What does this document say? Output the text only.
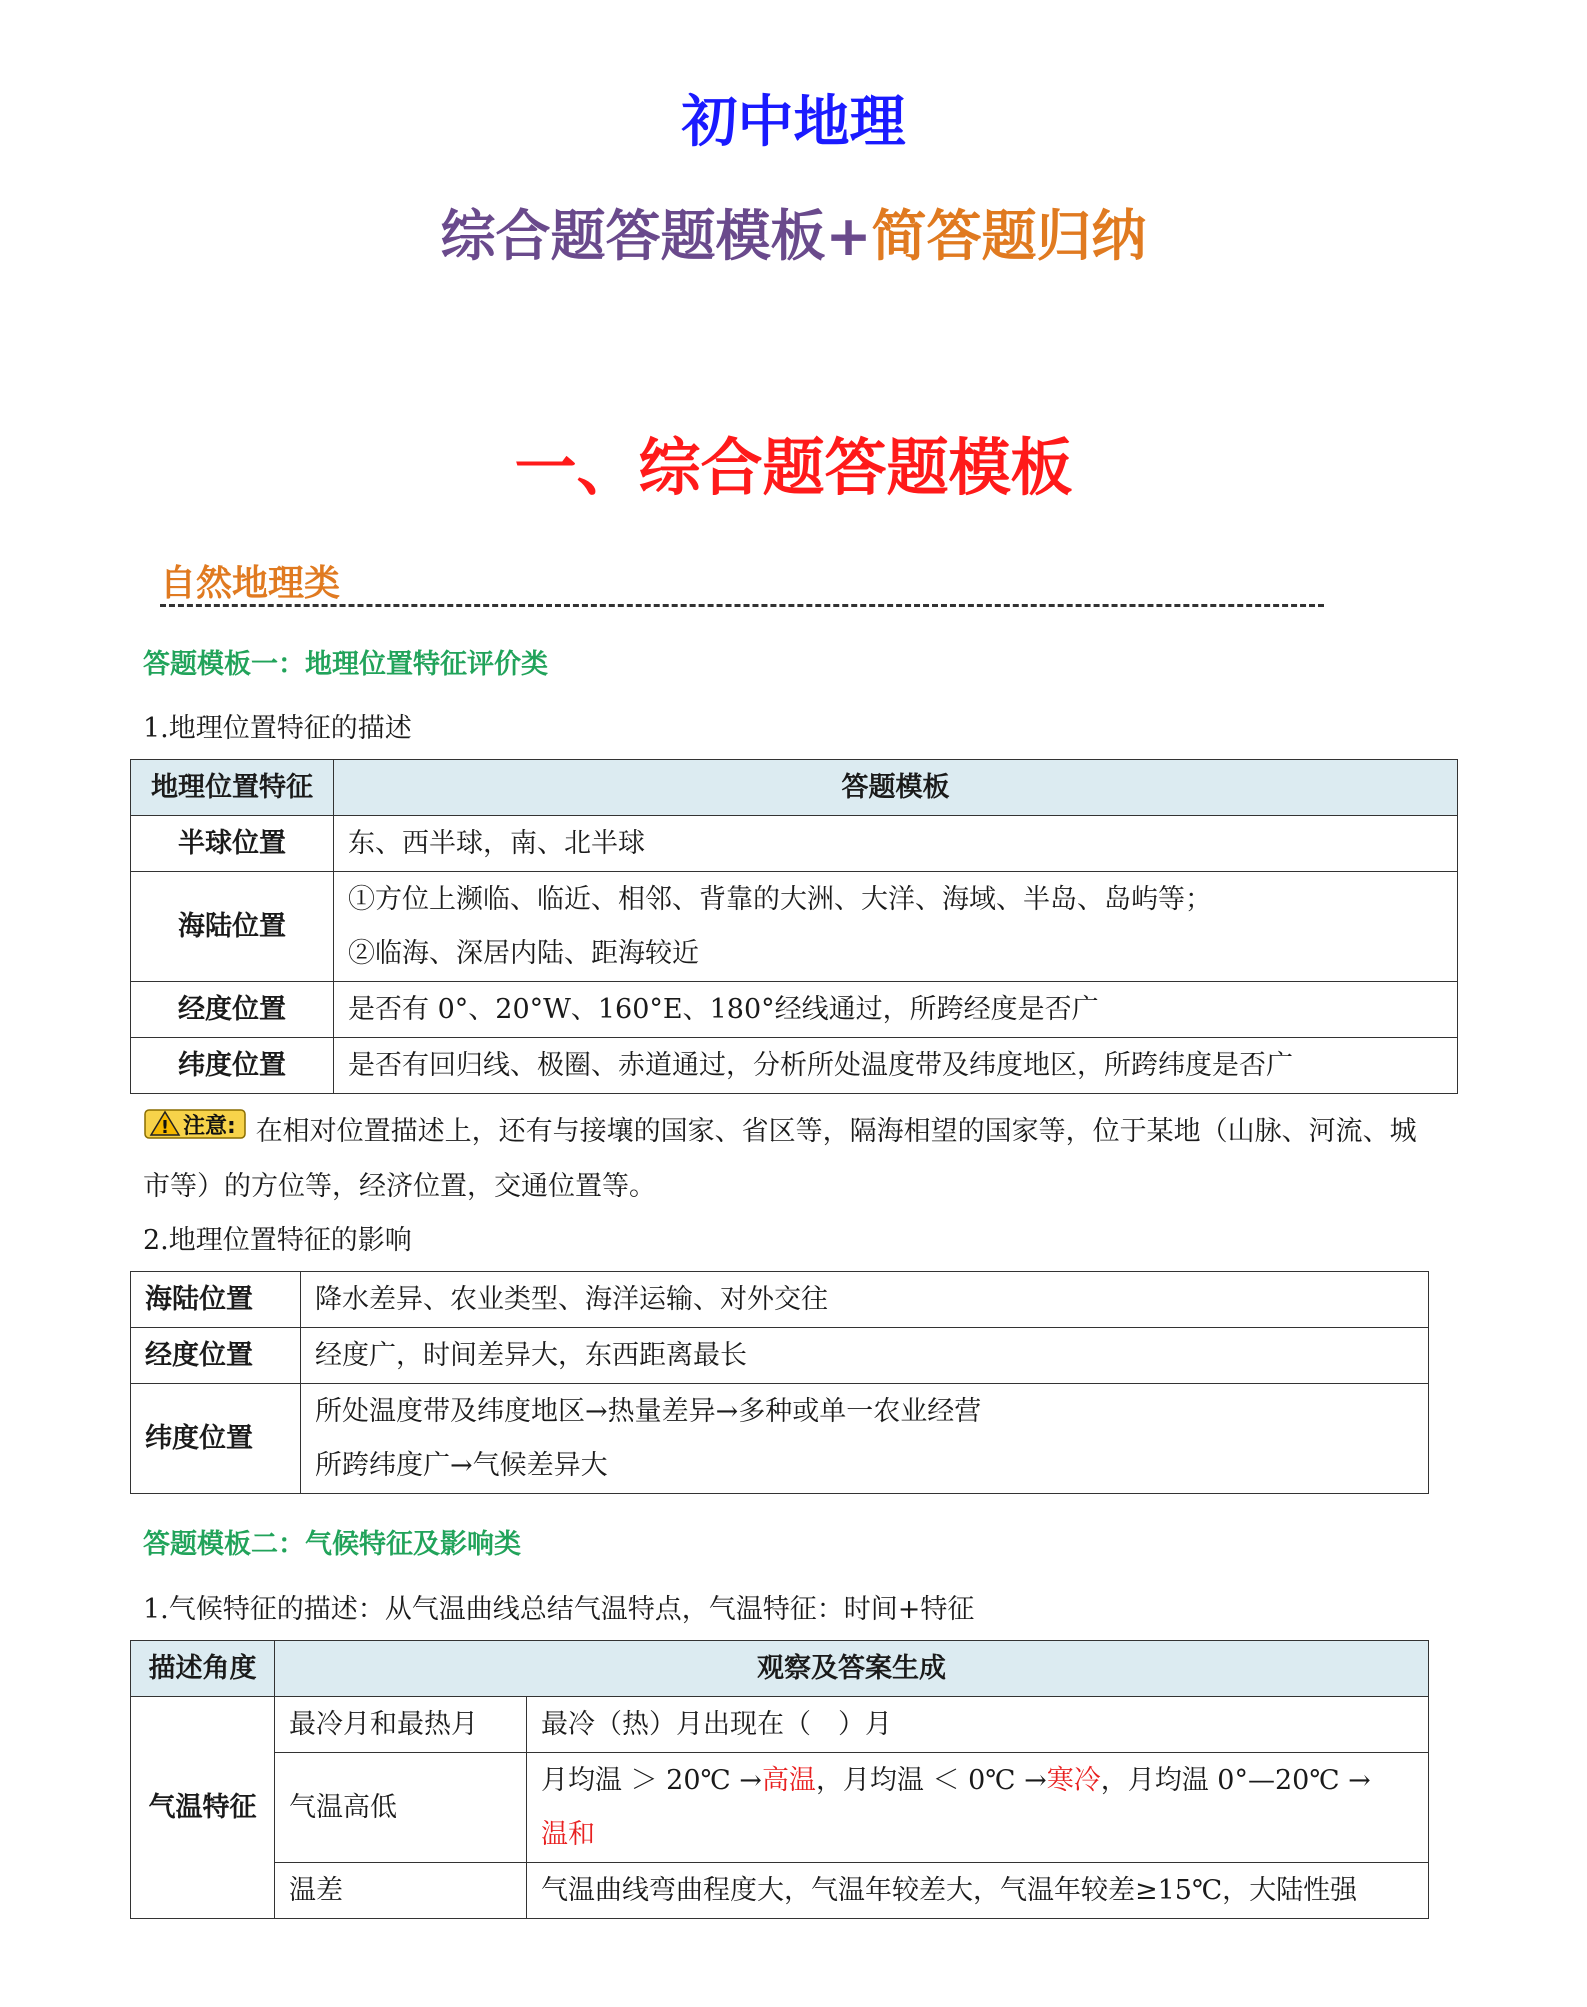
初中地理
综合题答题模板+简答题归纳
一、综合题答题模板
自然地理类
答题模板一：地理位置特征评价类
1.地理位置特征的描述
地理位置特征	答题模板
半球位置	东、西半球，南、北半球
海陆位置	①方位上濒临、临近、相邻、背靠的大洲、大洋、海域、半岛、岛屿等；
②临海、深居内陆、距海较近

经度位置	是否有 0°、20°W、160°E、180°经线通过，所跨经度是否广
纬度位置	是否有回归线、极圈、赤道通过，分析所处温度带及纬度地区，所跨纬度是否广
! 注意: 在相对位置描述上，还有与接壤的国家、省区等，隔海相望的国家等，位于某地（山脉、河流、城市等）的方位等，经济位置，交通位置等。
2.地理位置特征的影响
海陆位置	降水差异、农业类型、海洋运输、对外交往
经度位置	经度广，时间差异大，东西距离最长
纬度位置	所处温度带及纬度地区→热量差异→多种或单一农业经营
所跨纬度广→气候差异大
答题模板二：气候特征及影响类
1.气候特征的描述：从气温曲线总结气温特点，气温特征：时间+特征
描述角度	观察及答案生成	
气温特征	最冷月和最热月	最冷（热）月出现在（　）月
	气温高低	月均温 ＞ 20℃ →高温，月均温 ＜ 0℃ →寒冷，月均温 0°—20℃ →
温和
	温差	气温曲线弯曲程度大，气温年较差大，气温年较差≥15℃，大陆性强
